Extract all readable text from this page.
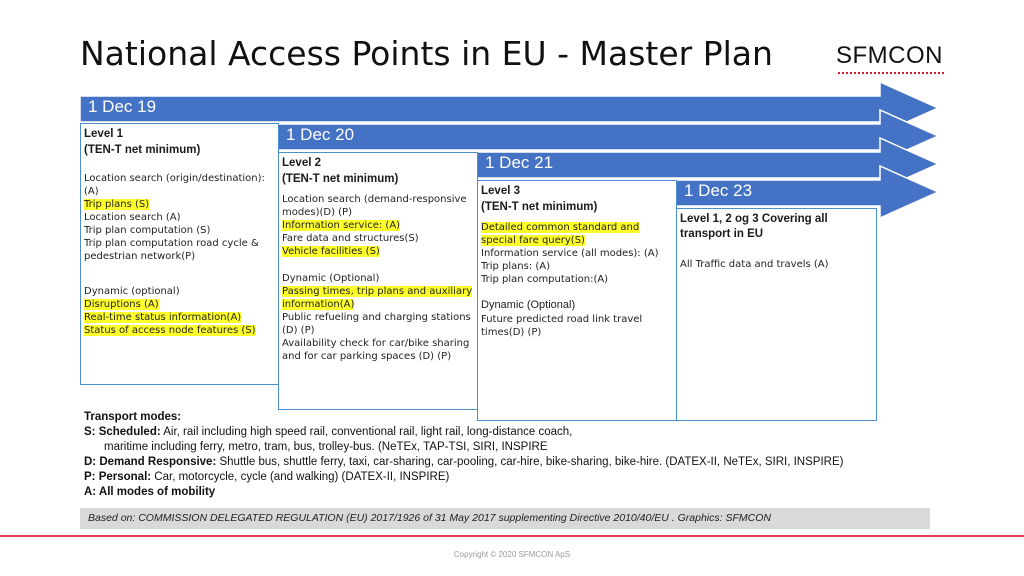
National Access Points in EU - Master Plan	SFMCON
1 Dec 19
1 Dec 20
1 Dec 21
1 Dec 23
Level 1
(TEN-T net minimum)
Location search (origin/destination):(A)
Trip plans (S)
Location search (A)
Trip plan computation (S)
Trip plan computation road cycle & pedestrian network(P)
Dynamic (optional)
Disruptions (A)
Real-time status information(A)
Status of access node features (S)
Level 2
(TEN-T net minimum)
Location search (demand-responsive modes)(D) (P)
Information service: (A)
Fare data and structures(S)
Vehicle facilities (S)
Dynamic (Optional)
Passing times, trip plans and auxiliary information(A)
Public refueling and charging stations (D) (P)
Availability check for car/bike sharing and for car parking spaces (D) (P)
Level 3
(TEN-T net minimum)
Detailed common standard and special fare query(S)
Information service (all modes): (A)
Trip plans: (A)
Trip plan computation:(A)
Dynamic (Optional)
Future predicted road link travel times(D) (P)
Level 1, 2 og 3 Covering all transport in EU
All Traffic data and travels (A)
Transport modes:
S: Scheduled: Air, rail including high speed rail, conventional rail, light rail, long-distance coach,
maritime including ferry, metro, tram, bus, trolley-bus. (NeTEx, TAP-TSI, SIRI, INSPIRE
D: Demand Responsive: Shuttle bus, shuttle ferry, taxi, car-sharing, car-pooling, car-hire, bike-sharing, bike-hire. (DATEX-II, NeTEx, SIRI, INSPIRE)
P: Personal: Car, motorcycle, cycle (and walking) (DATEX-II, INSPIRE)
A: All modes of mobility
Based on: COMMISSION DELEGATED REGULATION (EU) 2017/1926 of 31 May 2017 supplementing Directive 2010/40/EU . Graphics: SFMCON
Copyright © 2020 SFMCON ApS
